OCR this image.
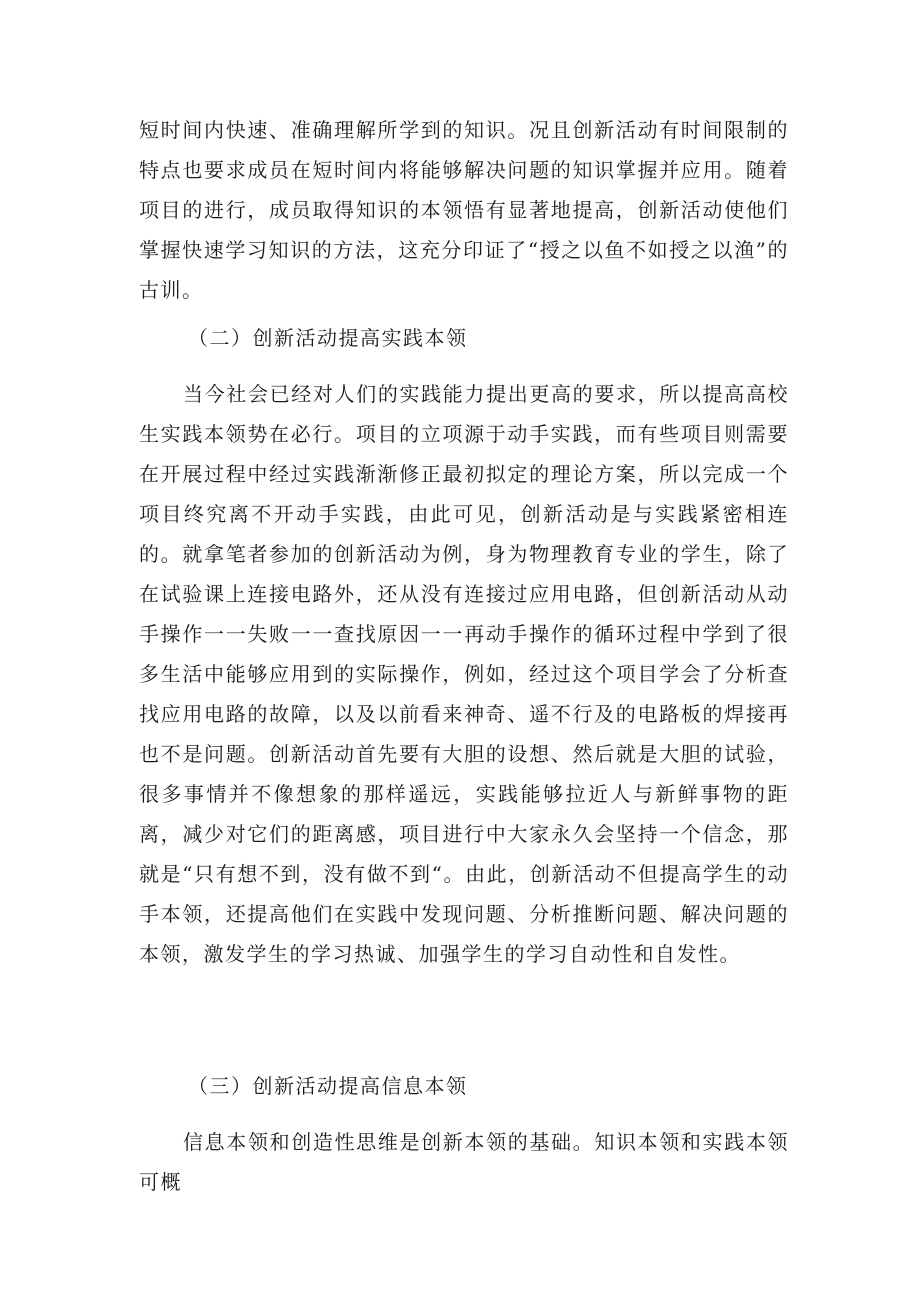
短时间内快速、准确理解所学到的知识。况且创新活动有时间限制的特点也要求成员在短时间内将能够解决问题的知识掌握并应用。随着项目的进行，成员取得知识的本领悟有显著地提高，创新活动使他们掌握快速学习知识的方法，这充分印证了“授之以鱼不如授之以渔”的古训。

（二）创新活动提高实践本领

当今社会已经对人们的实践能力提出更高的要求，所以提高高校生实践本领势在必行。项目的立项源于动手实践，而有些项目则需要在开展过程中经过实践渐渐修正最初拟定的理论方案，所以完成一个项目终究离不开动手实践，由此可见，创新活动是与实践紧密相连的。就拿笔者参加的创新活动为例，身为物理教育专业的学生，除了在试验课上连接电路外，还从没有连接过应用电路，但创新活动从动手操作一一失败一一查找原因一一再动手操作的循环过程中学到了很多生活中能够应用到的实际操作，例如，经过这个项目学会了分析查找应用电路的故障，以及以前看来神奇、遥不行及的电路板的焊接再也不是问题。创新活动首先要有大胆的设想、然后就是大胆的试验，很多事情并不像想象的那样遥远，实践能够拉近人与新鲜事物的距离，减少对它们的距离感，项目进行中大家永久会坚持一个信念，那就是“只有想不到，没有做不到“。由此，创新活动不但提高学生的动手本领，还提高他们在实践中发现问题、分析推断问题、解决问题的本领，激发学生的学习热诚、加强学生的学习自动性和自发性。

（三）创新活动提高信息本领

信息本领和创造性思维是创新本领的基础。知识本领和实践本领可概
